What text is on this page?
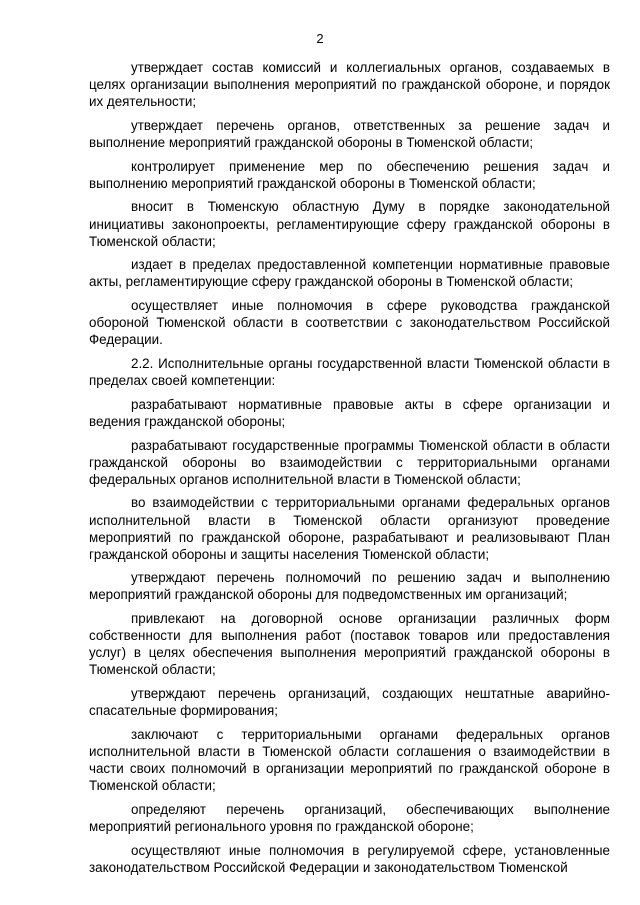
2

утверждает состав комиссий и коллегиальных органов, создаваемых в целях организации выполнения мероприятий по гражданской обороне, и порядок их деятельности;

утверждает перечень органов, ответственных за решение задач и выполнение мероприятий гражданской обороны в Тюменской области;

контролирует применение мер по обеспечению решения задач и выполнению мероприятий гражданской обороны в Тюменской области;

вносит в Тюменскую областную Думу в порядке законодательной инициативы законопроекты, регламентирующие сферу гражданской обороны в Тюменской области;

издает в пределах предоставленной компетенции нормативные правовые акты, регламентирующие сферу гражданской обороны в Тюменской области;

осуществляет иные полномочия в сфере руководства гражданской обороной Тюменской области в соответствии с законодательством Российской Федерации.

2.2. Исполнительные органы государственной власти Тюменской области в пределах своей компетенции:

разрабатывают нормативные правовые акты в сфере организации и ведения гражданской обороны;

разрабатывают государственные программы Тюменской области в области гражданской обороны во взаимодействии с территориальными органами федеральных органов исполнительной власти в Тюменской области;

во взаимодействии с территориальными органами федеральных органов исполнительной власти в Тюменской области организуют проведение мероприятий по гражданской обороне, разрабатывают и реализовывают План гражданской обороны и защиты населения Тюменской области;

утверждают перечень полномочий по решению задач и выполнению мероприятий гражданской обороны для подведомственных им организаций;

привлекают на договорной основе организации различных форм собственности для выполнения работ (поставок товаров или предоставления услуг) в целях обеспечения выполнения мероприятий гражданской обороны в Тюменской области;

утверждают перечень организаций, создающих нештатные аварийно-спасательные формирования;

заключают с территориальными органами федеральных органов исполнительной власти в Тюменской области соглашения о взаимодействии в части своих полномочий в организации мероприятий по гражданской обороне в Тюменской области;

определяют перечень организаций, обеспечивающих выполнение мероприятий регионального уровня по гражданской обороне;

осуществляют иные полномочия в регулируемой сфере, установленные законодательством Российской Федерации и законодательством Тюменской
